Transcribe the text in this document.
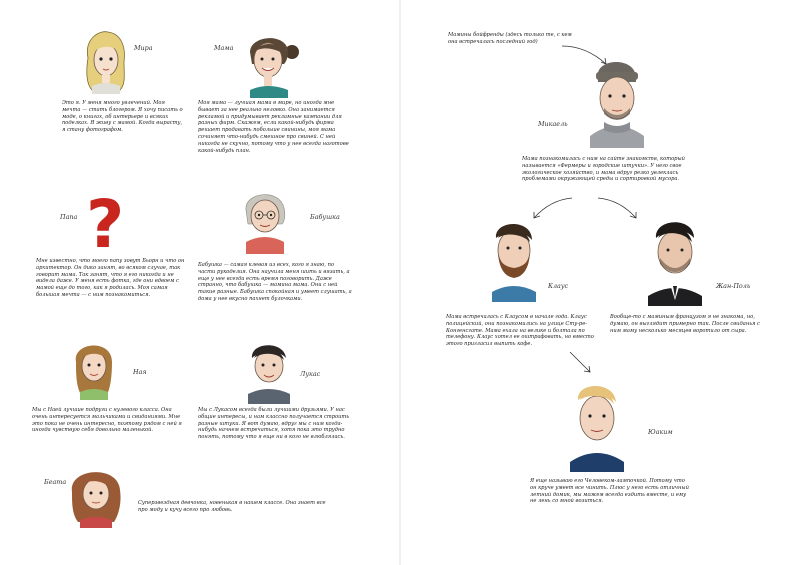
Мира
Это я. У меня много увлечений. Моя мечта — стать блогером. Я хочу писать о моде, о книгах, об интерьере и всяких поделках. Я живу с мамой. Когда вырасту, я стану фотографом.
Мама
Моя мама — лучшая мама в мире, но иногда мне бывает за нее реально неловко. Она занимается рекламой и придумывает рекламные кампании для разных фирм. Скажем, если какой-нибудь фирма решает продавать побольше свинины, моя мама сочиняет что-нибудь смешное про свиней. С ней никогда не скучно, потому что у нее всегда наготове какой-нибудь план.
Папа ?
Мне известно, что моего папу зовут Бьорн и что он архитектор. Он дико занят, во всяком случае, так говорит мама. Так занят, что я его никогда и не видела даже. У меня есть фотка, где они вдвоем с мамой еще до того, как я родилась. Моя самая большая мечта — с ним познакомиться.
Бабушка
Бабушка — самая клевая из всех, кого я знаю, по части рукоделия. Она научила меня шить и вязать, а еще у нее всегда есть время поговорить. Даже странно, что бабушка — мамина мама. Они с ней такие разные. Бабушка спокойная и умеет слушать, а дома у нее вкусно пахнет булочками.
Ная
Мы с Наей лучшие подруги с нулевого класса. Она очень интересуется мальчиками и свиданиями. Мне это пока не очень интересно, поэтому рядом с ней я иногда чувствую себя довольно маленькой.
Лукас
Мы с Лукасом всегда были лучшими друзьями. У нас общие интересы, и нам классно получается строить разные штуки. Я вот думаю, вдруг мы с ним когда-нибудь начнем встречаться, хотя пока это трудно понять, потому что я еще ни в кого не влюблялась.
Беата
Суперзвездная девчонка, новенькая в нашем классе. Она знает все про моду и кучу всего про любовь.
Мамины бойфренды (здесь только те, с кем она встречалась последний год)
Микаель
Мама познакомилась с ним на сайте знакомств, который называется «Фермеры и городские штучки». У него свое экологическое хозяйство, и мама вдруг резко увлеклась проблемами окружающей среды и сортировкой мусора.
Клаус
Мама встречалась с Клаусом в начале года. Клаус полицейский, они познакомились на улице Сту-ре-Конгенсгате. Мама ехала на велике и болтала по телефону. Клаус хотел ее оштрафовать, но вместо этого пригласил выпить кофе.
Жан-Поль
Вообще-то с маминым французом я не знакома, но, думаю, он выглядит примерно так. После свиданья с ним маму несколько месяцев воротило от сыра.
Юаким
Я еще называю его Человеком-лампочкой. Потому что он круче умеет все чинить. Плюс у него есть отличный летний домик, мы можем всегда ездить вместе, и ему не лень со мной возиться.
